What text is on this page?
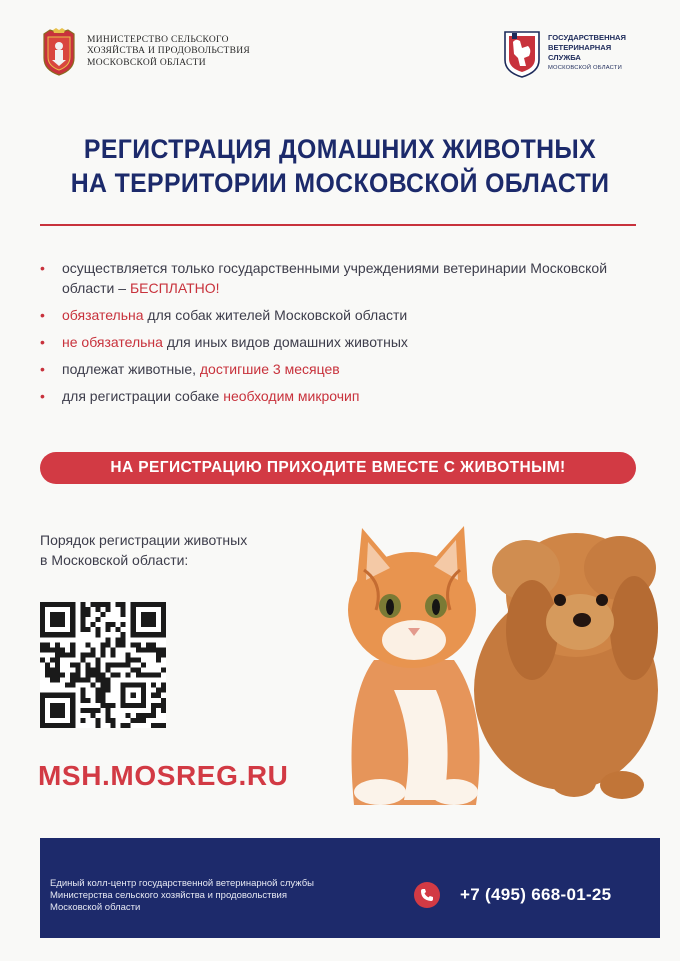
МИНИСТЕРСТВО СЕЛЬСКОГО
ХОЗЯЙСТВА И ПРОДОВОЛЬСТВИЯ
МОСКОВСКОЙ ОБЛАСТИ
ГОСУДАРСТВЕННАЯ
ВЕТЕРИНАРНАЯ
СЛУЖБА
МОСКОВСКОЙ ОБЛАСТИ
РЕГИСТРАЦИЯ ДОМАШНИХ ЖИВОТНЫХ
НА ТЕРРИТОРИИ МОСКОВСКОЙ ОБЛАСТИ
• осуществляется только государственными учреждениями ветеринарии Московской области – БЕСПЛАТНО!
• обязательна для собак жителей Московской области
• не обязательна для иных видов домашних животных
• подлежат животные, достигшие 3 месяцев
• для регистрации собаке необходим микрочип
НА РЕГИСТРАЦИЮ ПРИХОДИТЕ ВМЕСТЕ С ЖИВОТНЫМ!
Порядок регистрации животных
в Московской области:
MSH.MOSREG.RU
Единый колл-центр государственной ветеринарной службы
Министерства сельского хозяйства и продовольствия
Московской области
+7 (495) 668-01-25
